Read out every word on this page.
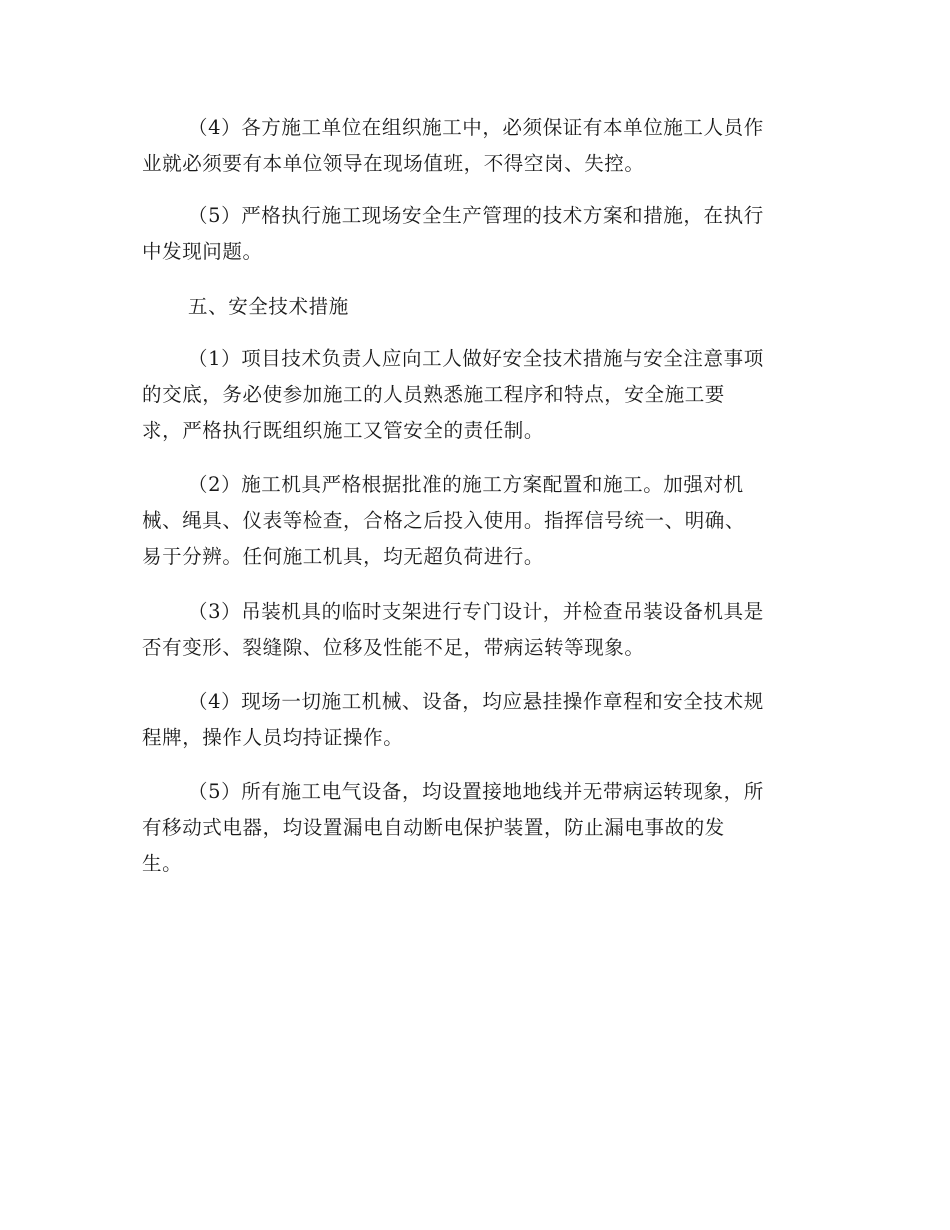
（4）各方施工单位在组织施工中，必须保证有本单位施工人员作
业就必须要有本单位领导在现场值班，不得空岗、失控。
（5）严格执行施工现场安全生产管理的技术方案和措施，在执行
中发现问题。
五、安全技术措施
（1）项目技术负责人应向工人做好安全技术措施与安全注意事项
的交底，务必使参加施工的人员熟悉施工程序和特点，安全施工要
求，严格执行既组织施工又管安全的责任制。
（2）施工机具严格根据批准的施工方案配置和施工。加强对机
械、绳具、仪表等检查，合格之后投入使用。指挥信号统一、明确、
易于分辨。任何施工机具，均无超负荷进行。
（3）吊装机具的临时支架进行专门设计，并检查吊装设备机具是
否有变形、裂缝隙、位移及性能不足，带病运转等现象。
（4）现场一切施工机械、设备，均应悬挂操作章程和安全技术规
程牌，操作人员均持证操作。
（5）所有施工电气设备，均设置接地地线并无带病运转现象，所
有移动式电器，均设置漏电自动断电保护装置，防止漏电事故的发
生。
